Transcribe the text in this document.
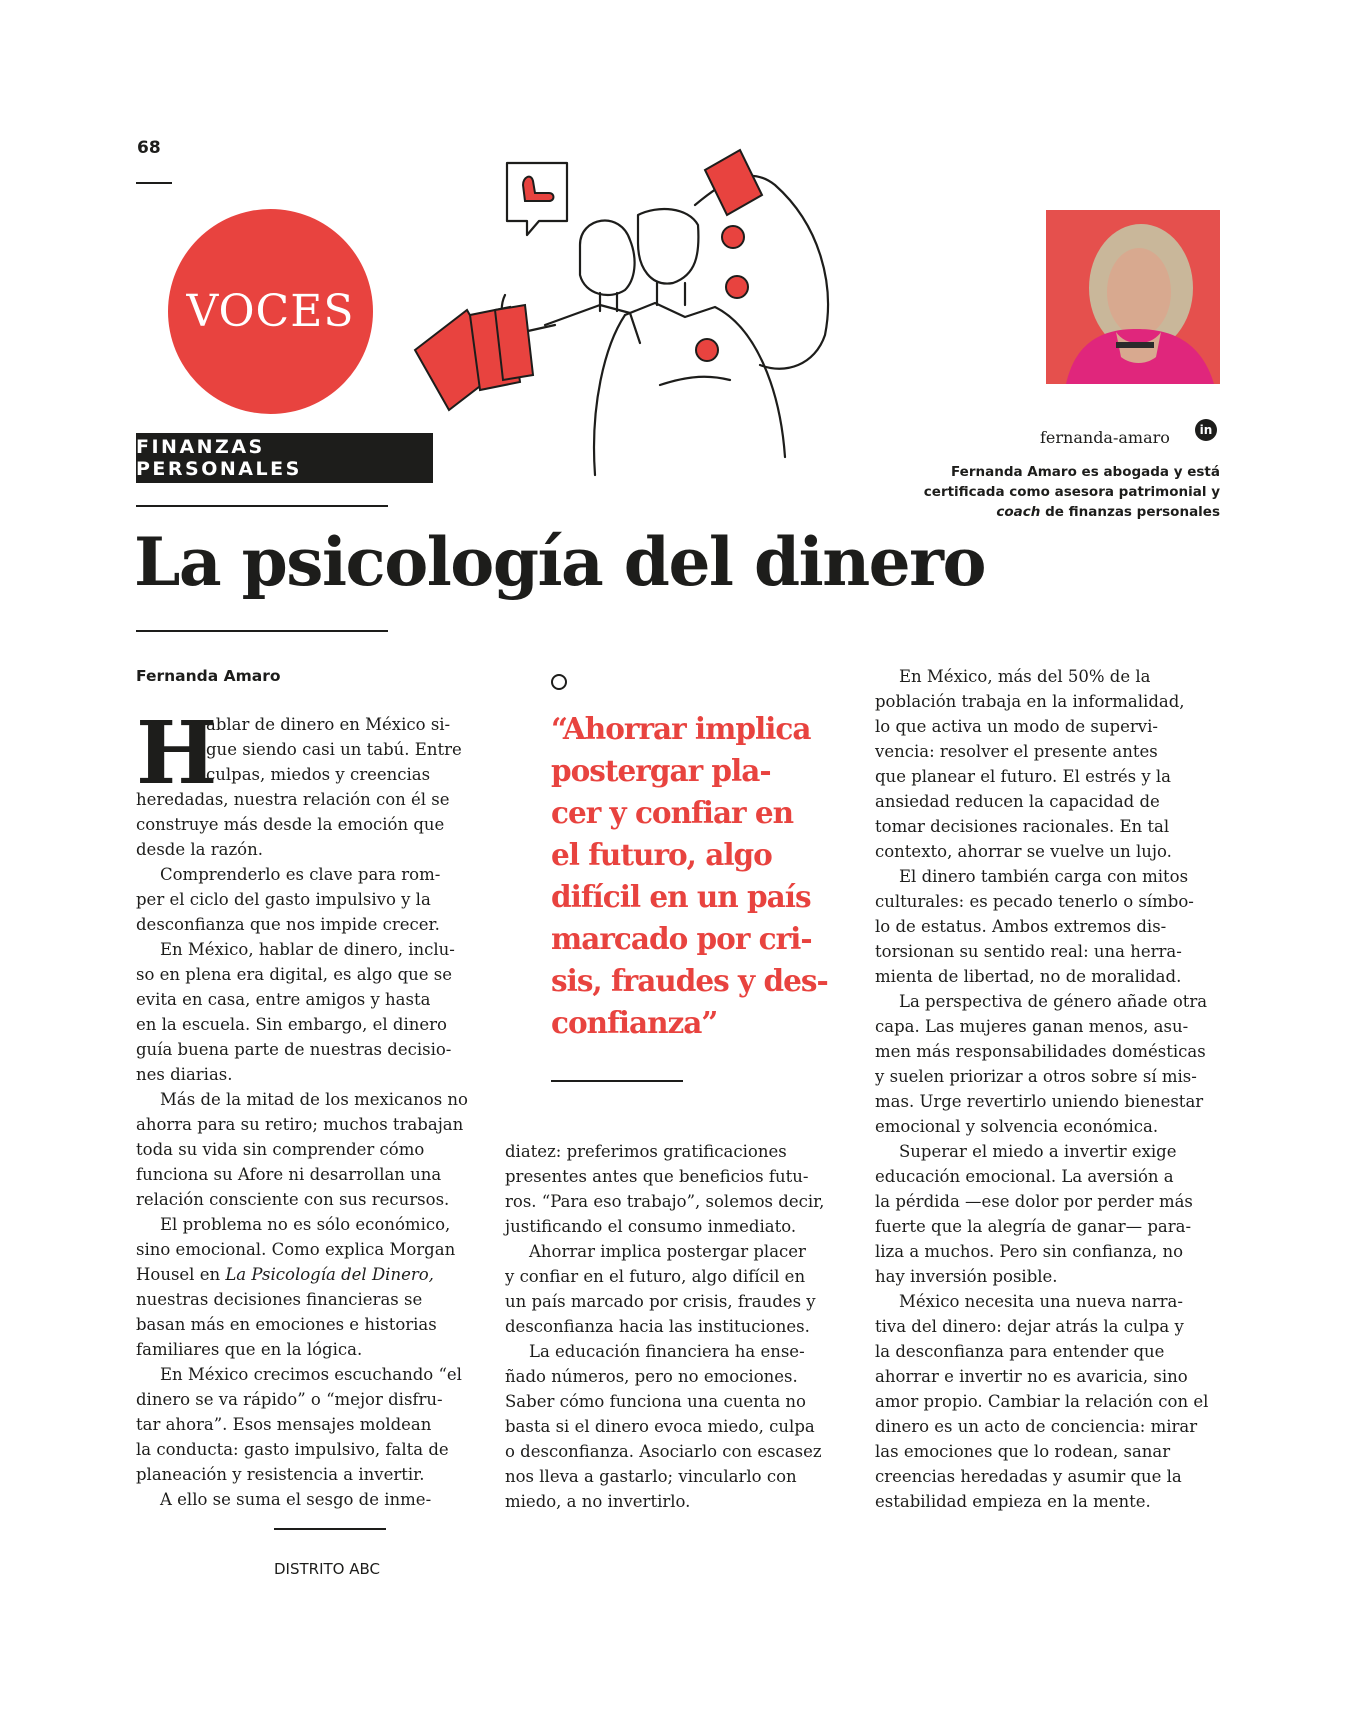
68
VOCES
FINANZAS PERSONALES
fernanda-amaro	in
Fernanda Amaro es abogada y está
certificada como asesora patrimonial y
coach de finanzas personales
La psicología del dinero
Fernanda Amaro
H
ablar de dinero en México si-
gue siendo casi un tabú. Entre
culpas, miedos y creencias
heredadas, nuestra relación con él se
construye más desde la emoción que
desde la razón.
Comprenderlo es clave para rom-
per el ciclo del gasto impulsivo y la
desconfianza que nos impide crecer.
En México, hablar de dinero, inclu-
so en plena era digital, es algo que se
evita en casa, entre amigos y hasta
en la escuela. Sin embargo, el dinero
guía buena parte de nuestras decisio-
nes diarias.
Más de la mitad de los mexicanos no
ahorra para su retiro; muchos trabajan
toda su vida sin comprender cómo
funciona su Afore ni desarrollan una
relación consciente con sus recursos.
El problema no es sólo económico,
sino emocional. Como explica Morgan
Housel en La Psicología del Dinero,
nuestras decisiones financieras se
basan más en emociones e historias
familiares que en la lógica.
En México crecimos escuchando “el
dinero se va rápido” o “mejor disfru-
tar ahora”. Esos mensajes moldean
la conducta: gasto impulsivo, falta de
planeación y resistencia a invertir.
A ello se suma el sesgo de inme-
“Ahorrar implica
postergar pla-
cer y confiar en
el futuro, algo
difícil en un país
marcado por cri-
sis, fraudes y des-
confianza”
diatez: preferimos gratificaciones
presentes antes que beneficios futu-
ros. “Para eso trabajo”, solemos decir,
justificando el consumo inmediato.
Ahorrar implica postergar placer
y confiar en el futuro, algo difícil en
un país marcado por crisis, fraudes y
desconfianza hacia las instituciones.
La educación financiera ha ense-
ñado números, pero no emociones.
Saber cómo funciona una cuenta no
basta si el dinero evoca miedo, culpa
o desconfianza. Asociarlo con escasez
nos lleva a gastarlo; vincularlo con
miedo, a no invertirlo.
En México, más del 50% de la
población trabaja en la informalidad,
lo que activa un modo de supervi-
vencia: resolver el presente antes
que planear el futuro. El estrés y la
ansiedad reducen la capacidad de
tomar decisiones racionales. En tal
contexto, ahorrar se vuelve un lujo.
El dinero también carga con mitos
culturales: es pecado tenerlo o símbo-
lo de estatus. Ambos extremos dis-
torsionan su sentido real: una herra-
mienta de libertad, no de moralidad.
La perspectiva de género añade otra
capa. Las mujeres ganan menos, asu-
men más responsabilidades domésticas
y suelen priorizar a otros sobre sí mis-
mas. Urge revertirlo uniendo bienestar
emocional y solvencia económica.
Superar el miedo a invertir exige
educación emocional. La aversión a
la pérdida —ese dolor por perder más
fuerte que la alegría de ganar— para-
liza a muchos. Pero sin confianza, no
hay inversión posible.
México necesita una nueva narra-
tiva del dinero: dejar atrás la culpa y
la desconfianza para entender que
ahorrar e invertir no es avaricia, sino
amor propio. Cambiar la relación con el
dinero es un acto de conciencia: mirar
las emociones que lo rodean, sanar
creencias heredadas y asumir que la
estabilidad empieza en la mente.
DISTRITO ABC
